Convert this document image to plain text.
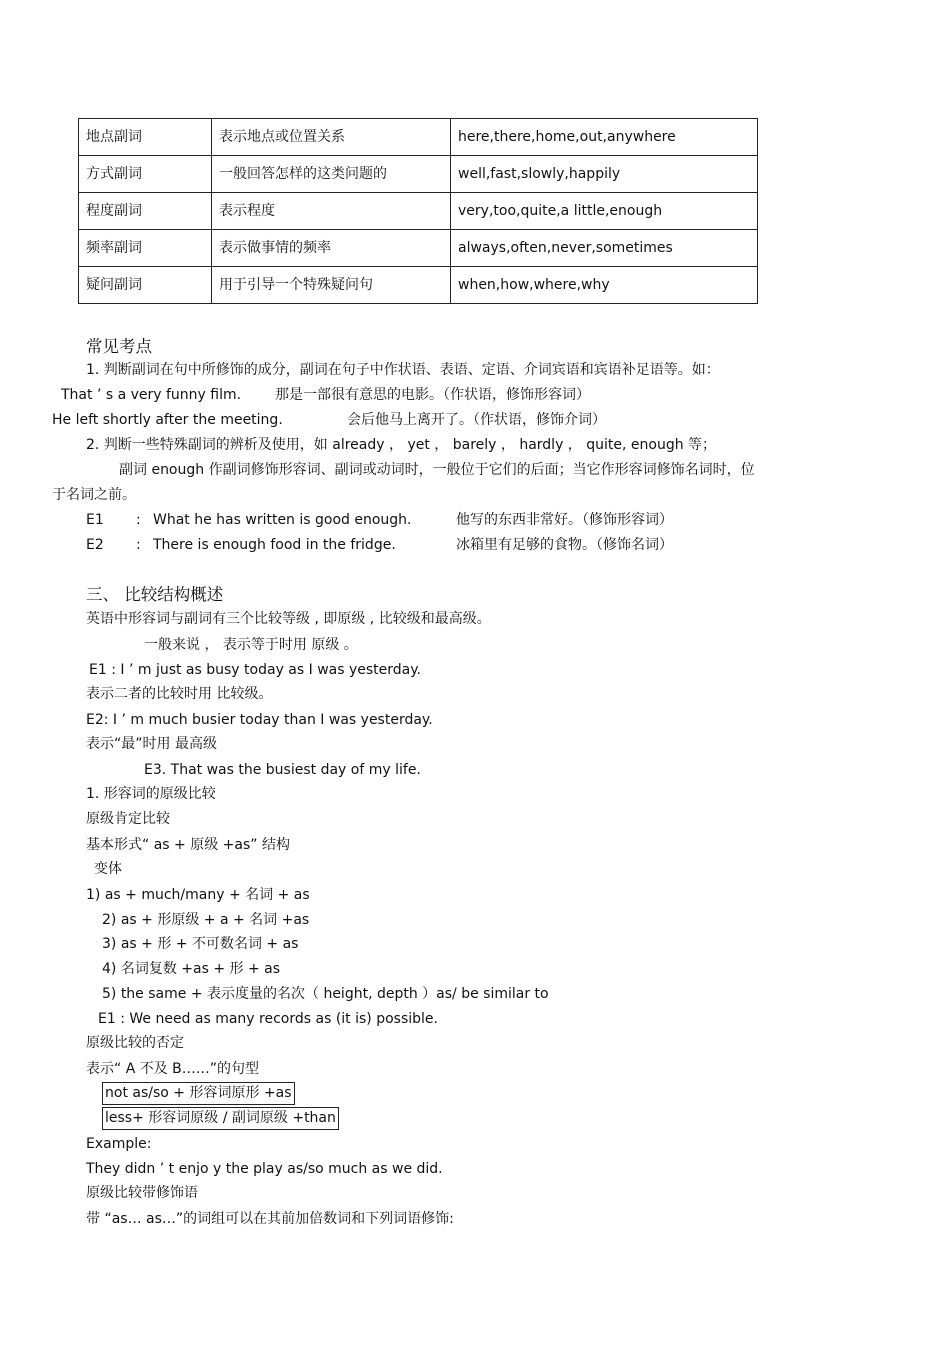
地点副词	表示地点或位置关系	here,there,home,out,anywhere
方式副词	一般回答怎样的这类问题的	well,fast,slowly,happily
程度副词	表示程度	very,too,quite,a little,enough
频率副词	表示做事情的频率	always,often,never,sometimes
疑问副词	用于引导一个特殊疑问句	when,how,where,why
常见考点
1. 判断副词在句中所修饰的成分，副词在句子中作状语、表语、定语、介词宾语和宾语补足语等。如：
That ’ s a very funny film. 那是一部很有意思的电影。（作状语，修饰形容词）
He left shortly after the meeting.	会后他马上离开了。（作状语，修饰介词）
2. 判断一些特殊副词的辨析及使用，如 already ， yet ， barely ， hardly ， quite, enough 等；
副词 enough 作副词修饰形容词、副词或动词时，一般位于它们的后面；当它作形容词修饰名词时，位
于名词之前。
E1 : What he has written is good enough.	他写的东西非常好。（修饰形容词）
E2 : There is enough food in the fridge.	冰箱里有足够的食物。（修饰名词）
三、 比较结构概述
英语中形容词与副词有三个比较等级 , 即原级 , 比较级和最高级。
一般来说 ， 表示等于时用 原级 。
E1 : I ’ m just as busy today as I was yesterday.
表示二者的比较时用 比较级。
E2: I ’ m much busier today than I was yesterday.
表示“最”时用 最高级
E3. That was the busiest day of my life.
1. 形容词的原级比较
原级肯定比较
基本形式“ as + 原级 +as” 结构
变体
1) as + much/many + 名词 + as
2) as + 形原级 + a + 名词 +as
3) as + 形 + 不可数名词 + as
4) 名词复数 +as + 形 + as
5) the same + 表示度量的名次（ height, depth ）as/ be similar to
E1 : We need as many records as (it is) possible.
原级比较的否定
表示“ A 不及 B……”的句型
not as/so + 形容词原形 +as
less+ 形容词原级 / 副词原级 +than
Example:
They didn ’ t enjo y the play as/so much as we did.
原级比较带修饰语
带 “as… as…”的词组可以在其前加倍数词和下列词语修饰:
